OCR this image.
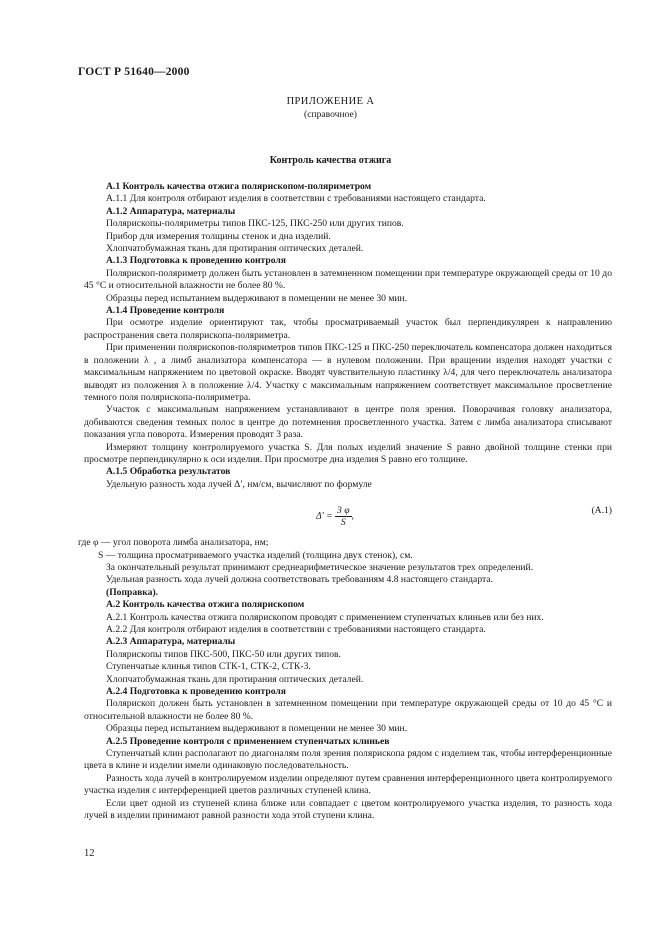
ГОСТ Р 51640—2000
ПРИЛОЖЕНИЕ А
(справочное)
Контроль качества отжига

А.1 Контроль качества отжига полярископом-поляриметром

А.1.1 Для контроля отбирают изделия в соответствии с требованиями настоящего стандарта.

А.1.2 Аппаратура, материалы

Полярископы-поляриметры типов ПКС-125, ПКС-250 или других типов.

Прибор для измерения толщины стенок и дна изделий.

Хлопчатобумажная ткань для протирания оптических деталей.

А.1.3 Подготовка к проведению контроля

Полярископ-поляриметр должен быть установлен в затемненном помещении при температуре окружающей среды от 10 до 45 °С и относительной влажности не более 80 %.

Образцы перед испытанием выдерживают в помещении не менее 30 мин.

А.1.4 Проведение контроля

При осмотре изделие ориентируют так, чтобы просматриваемый участок был перпендикулярен к направлению распространения света полярископа-поляриметра.

При применении полярископов-поляриметров типов ПКС-125 и ПКС-250 переключатель компенсатора должен находиться в положении λ , а лимб анализатора компенсатора — в нулевом положении. При вращении изделия находят участки с максимальным напряжением по цветовой окраске. Вводят чувствительную пластинку λ/4, для чего переключатель анализатора выводят из положения λ в положение λ/4. Участку с максимальным напряжением соответствует максимальное просветление темного поля полярископа-поляриметра.

Участок с максимальным напряжением устанавливают в центре поля зрения. Поворачивая головку анализатора, добиваются сведения темных полос в центре до потемнения просветленного участка. Затем с лимба анализатора списывают показания угла поворота. Измерения проводят 3 раза.

Измеряют толщину контролируемого участка S. Для полых изделий значение S равно двойной толщине стенки при просмотре перпендикулярно к оси изделия. При просмотре дна изделия S равно его толщине.

А.1.5 Обработка результатов

Удельную разность хода лучей Δ′, нм/см, вычисляют по формуле

$\Delta' = \frac{3 \varphi}{S}$ ,
(А.1)

где φ — угол поворота лимба анализатора, нм;

S — толщина просматриваемого участка изделий (толщина двух стенок), см.

За окончательный результат принимают среднеарифметическое значение результатов трех определений.

Удельная разность хода лучей должна соответствовать требованиям 4.8 настоящего стандарта.

(Поправка).

А.2 Контроль качества отжига полярископом

А.2.1 Контроль качества отжига полярископом проводят с применением ступенчатых клиньев или без них.

А.2.2 Для контроля отбирают изделия в соответствии с требованиями настоящего стандарта.

А.2.3 Аппаратура, материалы

Полярископы типов ПКС-500, ПКС-50 или других типов.

Ступенчатые клинья типов СТК-1, СТК-2, СТК-3.

Хлопчатобумажная ткань для протирания оптических деталей.

А.2.4 Подготовка к проведению контроля

Полярископ должен быть установлен в затемненном помещении при температуре окружающей среды от 10 до 45 °С и относительной влажности не более 80 %.

Образцы перед испытанием выдерживают в помещении не менее 30 мин.

А.2.5 Проведение контроля с применением ступенчатых клиньев

Ступенчатый клин располагают по диагоналям поля зрения полярископа рядом с изделием так, чтобы интерференционные цвета в клине и изделии имели одинаковую последовательность.

Разность хода лучей в контролируемом изделии определяют путем сравнения интерференционного цвета контролируемого участка изделия с интерференцией цветов различных ступеней клина.

Если цвет одной из ступеней клина ближе или совпадает с цветом контролируемого участка изделия, то разность хода лучей в изделии принимают равной разности хода этой ступени клина.

12
